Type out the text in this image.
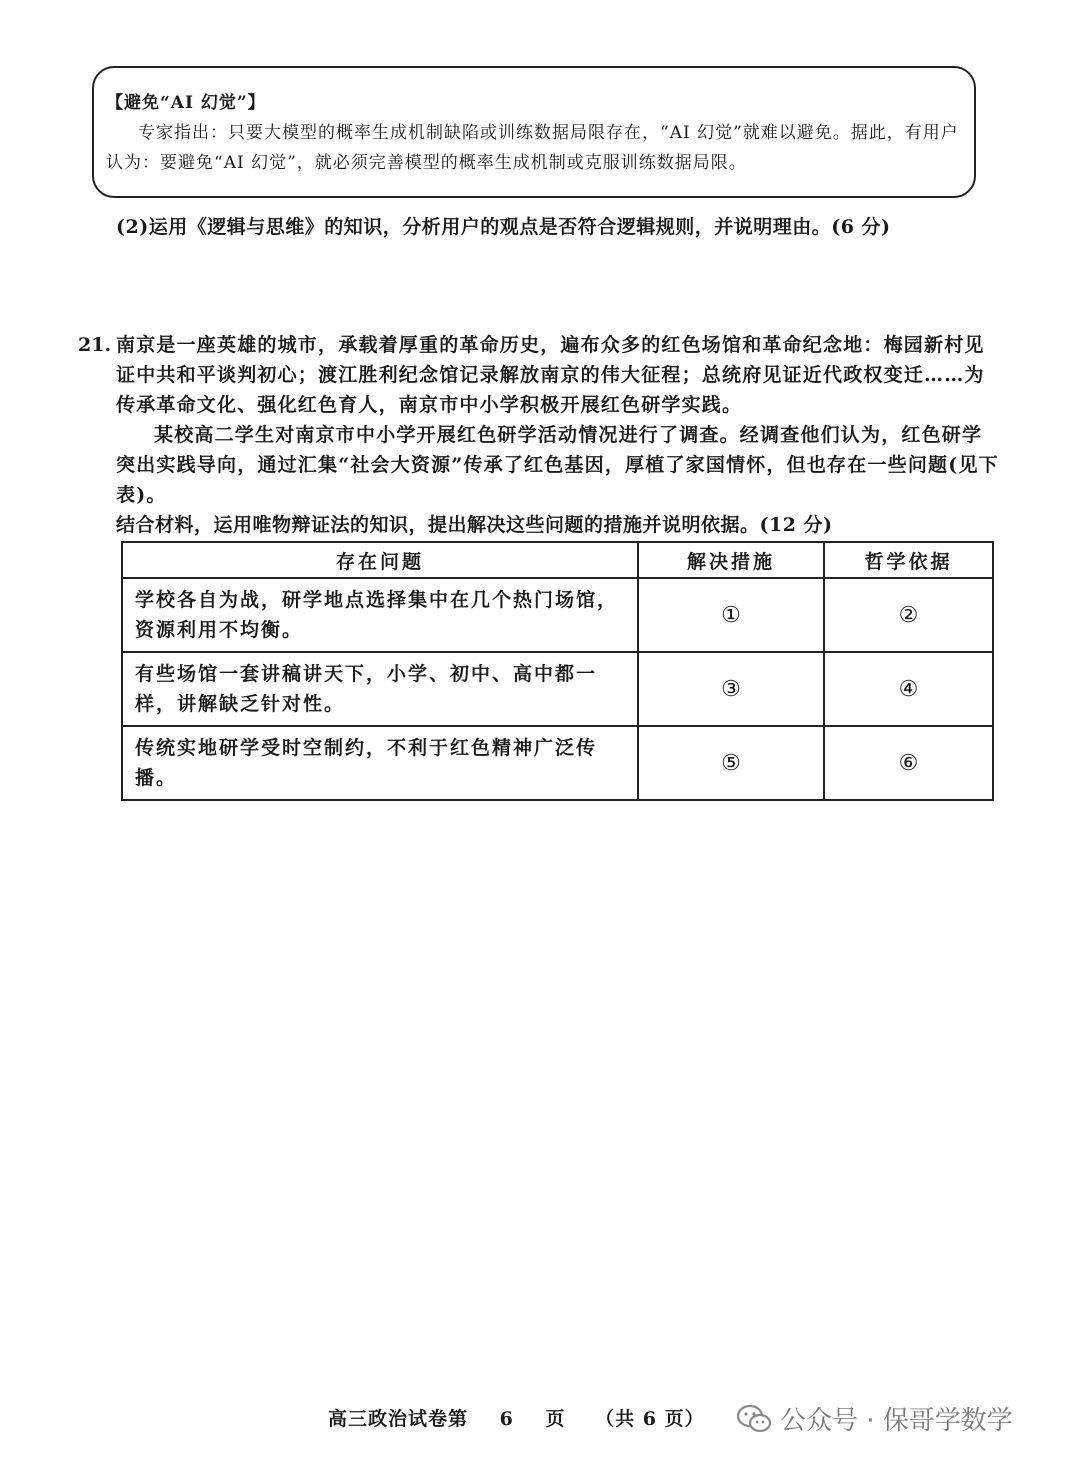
【避免“AI 幻觉”】
专家指出：只要大模型的概率生成机制缺陷或训练数据局限存在，“AI 幻觉”就难以避免。据此，有用户认为：要避免“AI 幻觉”，就必须完善模型的概率生成机制或克服训练数据局限。
(2)运用《逻辑与思维》的知识，分析用户的观点是否符合逻辑规则，并说明理由。(6 分)
21. 南京是一座英雄的城市，承载着厚重的革命历史，遍布众多的红色场馆和革命纪念地：梅园新村见证中共和平谈判初心；渡江胜利纪念馆记录解放南京的伟大征程；总统府见证近代政权变迁……为传承革命文化、强化红色育人，南京市中小学积极开展红色研学实践。
某校高二学生对南京市中小学开展红色研学活动情况进行了调查。经调查他们认为，红色研学突出实践导向，通过汇集“社会大资源”传承了红色基因，厚植了家国情怀，但也存在一些问题(见下表)。
结合材料，运用唯物辩证法的知识，提出解决这些问题的措施并说明依据。(12 分)
存在问题	解决措施	哲学依据
学校各自为战，研学地点选择集中在几个热门场馆，资源利用不均衡。	①	②
有些场馆一套讲稿讲天下，小学、初中、高中都一样，讲解缺乏针对性。	③	④
传统实地研学受时空制约，不利于红色精神广泛传播。	⑤	⑥
高三政治试卷第 6 页 （共 6 页）	公众号 · 保哥学数学
